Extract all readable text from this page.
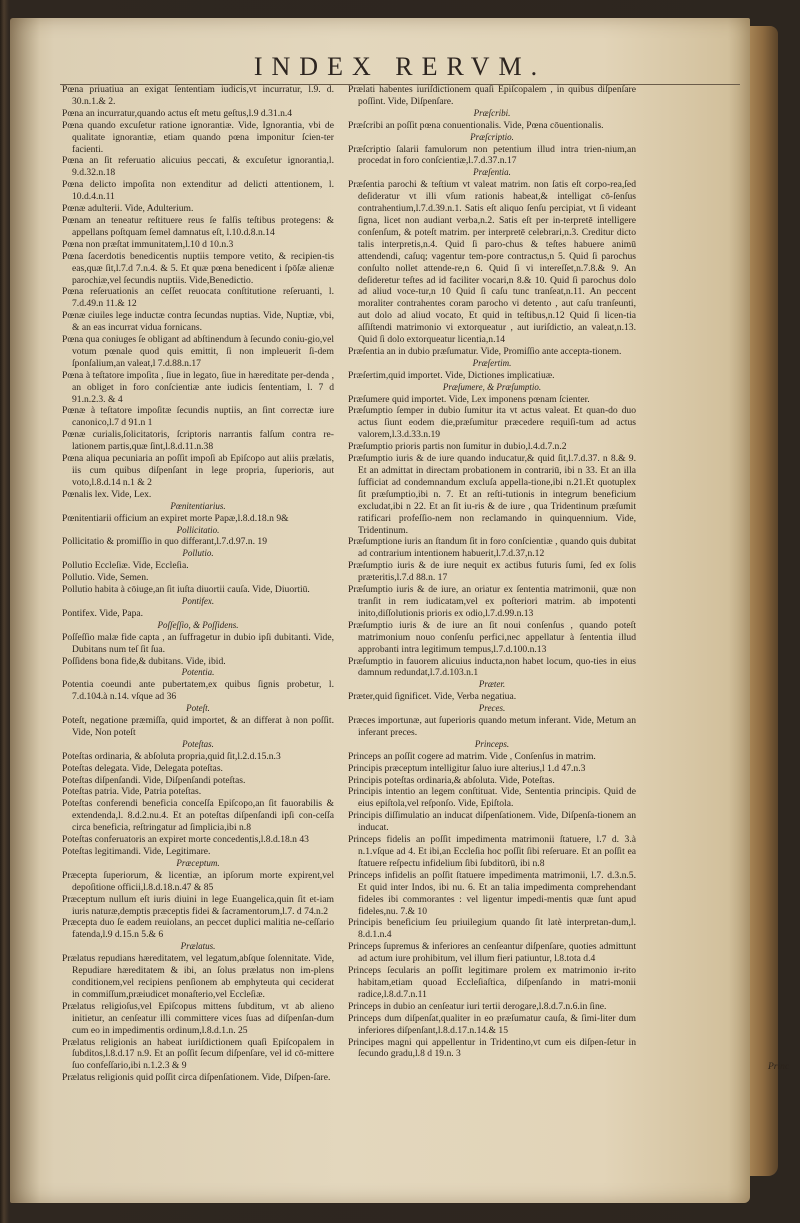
INDEX RERVM.

Pœna priuatiua an exigat ſententiam iudicis,vt incurratur, l.9. d. 30.n.1.& 2.

Pœna an incurratur,quando actus eſt metu geſtus,l.9 d.31.n.4

Pœna quando excuſetur ratione ignorantiæ. Vide, Ignorantia, vbi de qualitate ignorantiæ, etiam quando pœna imponitur ſcien-ter facienti.

Pœna an ſit referuatio alicuius peccati, & excuſetur ignorantia,l. 9.d.32.n.18

Pœna delicto impoſita non extenditur ad delicti attentionem, l. 10.d.4.n.11

Pœnæ adulterii. Vide, Adulterium.

Pœnam an teneatur reſtituere reus ſe falſis teſtibus protegens: & appellans poſtquam ſemel damnatus eſt, l.10.d.8.n.14

Pœna non præſtat immunitatem,l.10 d 10.n.3

Pœna ſacerdotis benedicentis nuptiis tempore vetito, & recipien-tis eas,quæ ſit,l.7.d 7.n.4. & 5. Et quæ pœna benedicent i ſpōſæ alienæ parochiæ,vel ſecundis nuptiis. Vide,Benedictio.

Pœna reſeruationis an ceſſet reuocata conſtitutione reſeruanti, l. 7.d.49.n 11.& 12

Pœnæ ciuiles lege inductæ contra ſecundas nuptias. Vide, Nuptiæ, vbi, & an eas incurrat vidua fornicans.

Pœna qua coniuges ſe obligant ad abſtinendum à ſecundo coniu-gio,vel votum pœnale quod quis emittit, ſi non impleuerit ſi-dem ſponſalium,an valeat,l 7.d.88.n.17

Pœna à teſtatore impoſita , ſiue in legato, ſiue in hæreditate per-denda , an obliget in foro conſcientiæ ante iudicis ſententiam, l. 7 d 91.n.2.3. & 4

Pœnæ à teſtatore impoſitæ ſecundis nuptiis, an ſint correctæ iure canonico,l.7 d 91.n 1

Pœnæ curialis,ſolicitatoris, ſcriptoris narrantis falſum contra re-lationem partis,quæ ſint,l.8.d.11.n.38

Pœna aliqua pecuniaria an poſſit impoſi ab Epiſcopo aut aliis prælatis, iis cum quibus diſpenſant in lege propria, ſuperioris, aut voto,l.8.d.14 n.1 & 2

Pœnalis lex. Vide, Lex.

Pœnitentiarius.

Pœnitentiarii officium an expiret morte Papæ,l.8.d.18.n 9&

Pollicitatio.

Pollicitatio & promiſſio in quo differant,l.7.d.97.n. 19

Pollutio.

Pollutio Eccleſiæ. Vide, Eccleſia.

Pollutio. Vide, Semen.

Pollutio habita à cōiuge,an ſit iuſta diuortii cauſa. Vide, Diuortiū.

Pontifex.

Pontifex. Vide, Papa.

Poſſeſſio, & Poſſidens.

Poſſeſſio malæ fide capta , an ſuffragetur in dubio ipſi dubitanti. Vide, Dubitans num teſ ſit ſua.

Poſſidens bona fide,& dubitans. Vide, ibid.

Potentia.

Potentia coeundi ante pubertatem,ex quibus ſignis probetur, l. 7.d.104.à n.14. vſque ad 36

Poteſt.

Poteſt, negatione præmiſſa, quid importet, & an differat à non poſſit. Vide, Non poteſt

Poteſtas.

Poteſtas ordinaria, & abſoluta propria,quid ſit,l.2.d.15.n.3

Poteſtas delegata. Vide, Delegata poteſtas.

Poteſtas diſpenſandi. Vide, Diſpenſandi poteſtas.

Poteſtas patria. Vide, Patria poteſtas.

Poteſtas conferendi beneficia conceſſa Epiſcopo,an ſit fauorabilis & extendenda,l. 8.d.2.nu.4. Et an poteſtas diſpenſandi ipſi con-ceſſa circa beneficia, reſtringatur ad ſimplicia,ibi n.8

Poteſtas conferuatoris an expiret morte concedentis,l.8.d.18.n 43

Poteſtas legitimandi. Vide, Legitimare.

Præceptum.

Præcepta ſuperiorum, & licentiæ, an ipſorum morte expirent,vel depoſitione officii,l.8.d.18.n.47 & 85

Præceptum nullum eſt iuris diuini in lege Euangelica,quin ſit et-iam iuris naturæ,demptis præceptis fidei & ſacramentorum,l.7. d 74.n.2

Præcepta duo ſe eadem reuiolans, an peccet duplici malitia ne-ceſſario fatenda,l.9 d.15.n 5.& 6

Prælatus.

Prælatus repudians hæreditatem, vel legatum,abſque ſolennitate. Vide, Repudiare hæreditatem & ibi, an ſolus prælatus non im-plens conditionem,vel recipiens penſionem ab emphyteuta qui ceciderat in commiſſum,præiudicet monaſterio,vel Eccleſiæ.

Prælatus religioſus,vel Epiſcopus mittens ſubditum, vt ab alieno initietur, an cenſeatur illi committere vices ſuas ad diſpenſan-dum cum eo in impedimentis ordinum,l.8.d.1.n. 25

Prælatus religionis an habeat iuriſdictionem quaſi Epiſcopalem in ſubditos,l.8.d.17 n.9. Et an poſſit ſecum diſpenſare, vel id cō-mittere ſuo confeſſario,ibi n.1.2.3 & 9

Prælatus religionis quid poſſit circa diſpenſationem. Vide, Diſpen-ſare.

Prælati habentes iuriſdictionem quaſi Epiſcopalem , in quibus diſpenſare poſſint. Vide, Diſpenſare.

Præſcribi.

Præſcribi an poſſit pœna conuentionalis. Vide, Pœna cōuentionalis.

Præſcriptio.

Præſcriptio ſalarii famulorum non petentium illud intra trien-nium,an procedat in foro conſcientiæ,l.7.d.37.n.17

Præſentia.

Præſentia parochi & teſtium vt valeat matrim. non ſatis eſt corpo-rea,ſed deſideratur vt illi vſum rationis habeat,& intelligat cō-ſenſus contrahentium,l.7.d.39.n.1. Satis eſt aliquo ſenſu percipiat, vt ſi videant ſigna, licet non audiant verba,n.2. Satis eſt per in-terpretē intelligere conſenſum, & poteſt matrim. per interpretē celebrari,n.3. Creditur dicto talis interpretis,n.4. Quid ſi paro-chus & teſtes habuere animū attendendi, caſuq; vagentur tem-pore contractus,n 5. Quid ſi parochus conſulto nollet attende-re,n 6. Quid ſi vi intereſſet,n.7.8.& 9. An deſideretur teſtes ad id faciliter vocari,n 8.& 10. Quid ſi parochus dolo ad aliud voce-tur,n 10 Quid ſi caſu tunc tranſeat,n.11. An peccent moraliter contrahentes coram parocho vi detento , aut caſu tranſeunti, aut dolo ad aliud vocato, Et quid in teſtibus,n.12 Quid ſi licen-tia aſſiſtendi matrimonio vi extorqueatur , aut iuriſdictio, an valeat,n.13. Quid ſi dolo extorqueatur licentia,n.14

Præſentia an in dubio præſumatur. Vide, Promiſſio ante accepta-tionem.

Præſertim.

Præſertim,quid importet. Vide, Dictiones implicatiuæ.

Præſumere, & Præſumptio.

Præſumere quid importet. Vide, Lex imponens pœnam ſcienter.

Præſumptio ſemper in dubio ſumitur ita vt actus valeat. Et quan-do duo actus ſiunt eodem die,præſumitur præcedere requiſi-tum ad actus valorem,l.3.d.33.n.19

Præſumptio prioris partis non ſumitur in dubio,l.4.d.7.n.2

Præſumptio iuris & de iure quando inducatur,& quid ſit,l.7.d.37. n 8.& 9. Et an admittat in directam probationem in contrariū, ibi n 33. Et an illa ſufficiat ad condemnandum excluſa appella-tione,ibi n.21.Et quotuplex ſit præſumptio,ibi n. 7. Et an reſti-tutionis in integrum beneficium excludat,ibi n 22. Et an ſit iu-ris & de iure , qua Tridentinum præſumit ratificari profeſſio-nem non reclamando in quinquennium. Vide, Tridentinum.

Præſumptione iuris an ſtandum ſit in foro conſcientiæ , quando quis dubitat ad contrarium intentionem habuerit,l.7.d.37,n.12

Præſumptio iuris & de iure nequit ex actibus futuris ſumi, ſed ex ſolis præteritis,l.7.d 88.n. 17

Præſumptio iuris & de iure, an oriatur ex ſententia matrimonii, quæ non tranſit in rem iudicatam,vel ex poſteriori matrim. ab impotenti inito,diſſolutionis prioris ex odio,l.7.d.99.n.13

Præſumptio iuris & de iure an ſit noui conſenſus , quando poteſt matrimonium nouo conſenſu perfici,nec appellatur à ſententia illud approbanti intra legitimum tempus,l.7.d.100.n.13

Præſumptio in fauorem alicuius inducta,non habet locum, quo-ties in eius damnum redundat,l.7.d.103.n.1

Præter.

Præter,quid ſignificet. Vide, Verba negatiua.

Preces.

Præces importunæ, aut ſuperioris quando metum inferant. Vide, Metum an inferant preces.

Princeps.

Princeps an poſſit cogere ad matrim. Vide , Conſenſus in matrim.

Principis præceptum intelligitur ſaluo iure alterius,l 1.d 47.n.3

Principis poteſtas ordinaria,& abſoluta. Vide, Poteſtas.

Principis intentio an legem conſtituat. Vide, Sententia principis. Quid de eius epiſtola,vel reſponſo. Vide, Epiſtola.

Principis diſſimulatio an inducat diſpenſationem. Vide, Diſpenſa-tionem an inducat.

Princeps fidelis an poſſit impedimenta matrimonii ſtatuere, l.7 d. 3.à n.1.vſque ad 4. Et ibi,an Eccleſia hoc poſſit ſibi reſeruare. Et an poſſit ea ſtatuere reſpectu infidelium ſibi ſubditorū, ibi n.8

Princeps infidelis an poſſit ſtatuere impedimenta matrimonii, l.7. d.3.n.5. Et quid inter Indos, ibi nu. 6. Et an talia impedimenta comprehendant fideles ibi commorantes : vel ligentur impedi-mentis quæ ſunt apud fideles,nu. 7.& 10

Principis beneficium ſeu priuilegium quando ſit latè interpretan-dum,l. 8.d.1.n.4

Princeps ſupremus & inferiores an cenſeantur diſpenſare, quoties admittunt ad actum iure prohibitum, vel illum fieri patiuntur, l.8.tota d.4

Princeps ſecularis an poſſit legitimare prolem ex matrimonio ir-rito habitam,etiam quoad Eccleſiaſtica, diſpenſando in matri-monii radice,l.8.d.7.n.11

Princeps in dubio an cenſeatur iuri tertii derogare,l.8.d.7.n.6.in ſine.

Princeps dum diſpenſat,qualiter in eo præſumatur cauſa, & ſimi-liter dum inferiores diſpenſant,l.8.d.17.n.14.& 15

Principes magni qui appellentur in Tridentino,vt cum eis diſpen-ſetur in ſecundo gradu,l.8 d 19.n. 3

Princ
